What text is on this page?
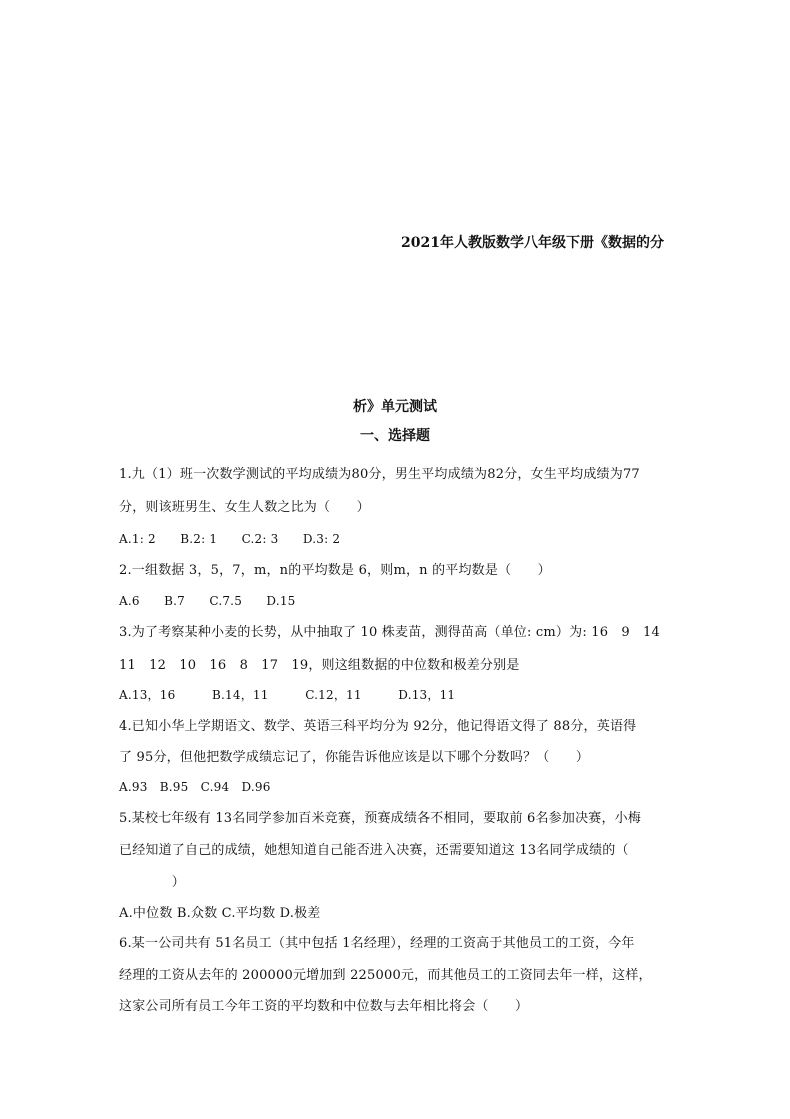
2021年人教版数学八年级下册《数据的分
析》单元测试
一、选择题
1.九（1）班一次数学测试的平均成绩为80分，男生平均成绩为82分，女生平均成绩为77
分，则该班男生、女生人数之比为（　　）
A.1: 2　　B.2: 1　　C.2: 3　　D.3: 2
2.一组数据 3，5，7，m，n的平均数是 6，则m，n 的平均数是（　　）
A.6　　B.7　　C.7.5　　D.15
3.为了考察某种小麦的长势，从中抽取了 10 株麦苗，测得苗高（单位: cm）为: 16　9　14
11　12　10　16　8　17　19，则这组数据的中位数和极差分别是
A.13，16　　　B.14，11　　　C.12，11　　　D.13，11
4.已知小华上学期语文、数学、英语三科平均分为 92分，他记得语文得了 88分，英语得
了 95分，但他把数学成绩忘记了，你能告诉他应该是以下哪个分数吗？（　　）
A.93　B.95　C.94　D.96
5.某校七年级有 13名同学参加百米竞赛，预赛成绩各不相同，要取前 6名参加决赛，小梅
已经知道了自己的成绩，她想知道自己能否进入决赛，还需要知道这 13名同学成绩的（
　　　　）
A.中位数 B.众数 C.平均数 D.极差
6.某一公司共有 51名员工（其中包括 1名经理），经理的工资高于其他员工的工资，今年
经理的工资从去年的 200000元增加到 225000元，而其他员工的工资同去年一样，这样，
这家公司所有员工今年工资的平均数和中位数与去年相比将会（　　）
